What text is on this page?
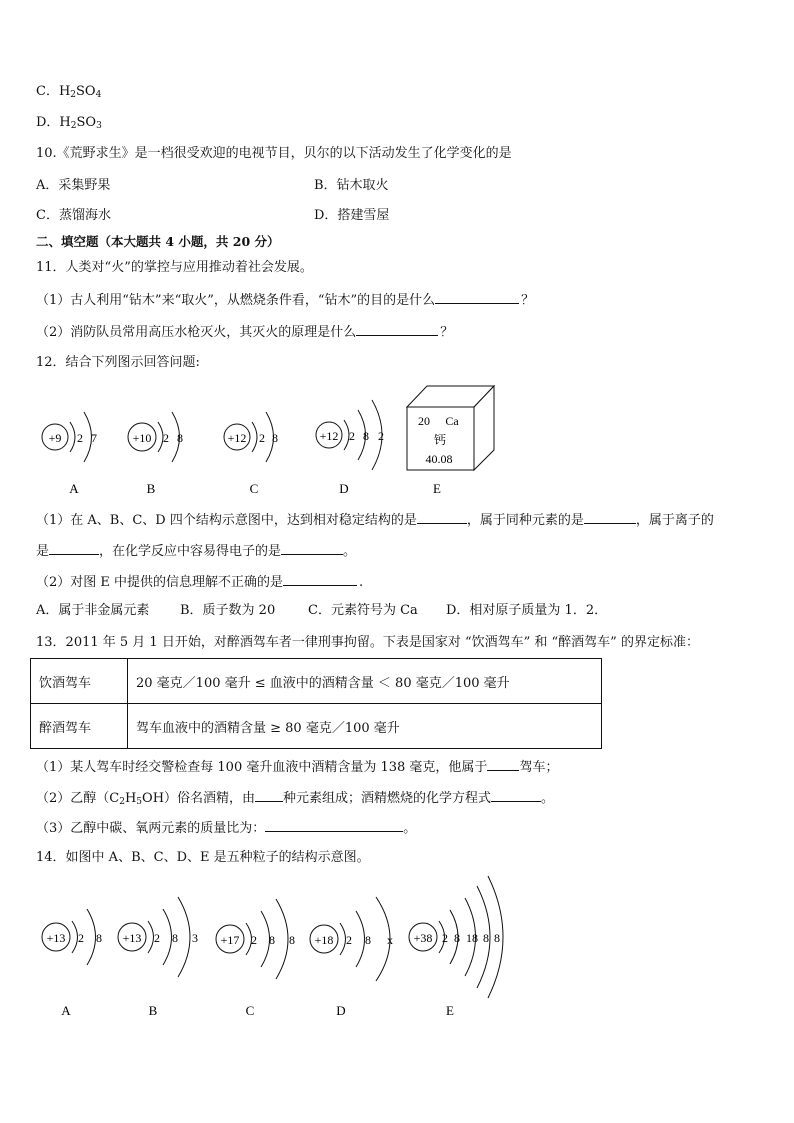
C．$H_2SO_4$
D．$H_2SO_3$
10.《荒野求生》是一档很受欢迎的电视节目，贝尔的以下活动发生了化学变化的是
A．采集野果	B．钻木取火
C．蒸馏海水	D．搭建雪屋
二、填空题（本大题共 4 小题，共 20 分）
11．人类对“火”的掌控与应用推动着社会发展。
（1）古人利用“钻木”来“取火”，从燃烧条件看，“钻木”的目的是什么	？
（2）消防队员常用高压水枪灭火，其灭火的原理是什么	？
12．结合下列图示回答问题:
+9 2 7
A
+10 2 8
B
+12 2 8
C
+12 2 8 2
D
20 Ca
钙
40.08
E
（1）在 A、B、C、D 四个结构示意图中，达到相对稳定结构的是	，属于同种元素的是	，属于离子的
是	，在化学反应中容易得电子的是	。
（2）对图 E 中提供的信息理解不正确的是	.
A．属于非金属元素 B．质子数为 20	C．元素符号为 Ca D．相对原子质量为 1．2．
13．2011 年 5 月 1 日开始，对醉酒驾车者一律刑事拘留。下表是国家对 “饮酒驾车” 和 “醉酒驾车” 的界定标准：
饮酒驾车	20 毫克／100 毫升 ≤ 血液中的酒精含量 ＜ 80 毫克／100 毫升
醉酒驾车	驾车血液中的酒精含量 ≥ 80 毫克／100 毫升
（1）某人驾车时经交警检查每 100 毫升血液中酒精含量为 138 毫克，他属于 驾车；
（2）乙醇$(C_2H_5OH)$俗名酒精，由 种元素组成；酒精燃烧的化学方程式	。
（3）乙醇中碳、氧两元素的质量比为：	。
14．如图中 A、B、C、D、E 是五种粒子的结构示意图。
+13 2 8
A
+13 2 8 3
B
+17 2 8 8
C
+18 2 8 x
D
+38 2 8 18 8 8
E
